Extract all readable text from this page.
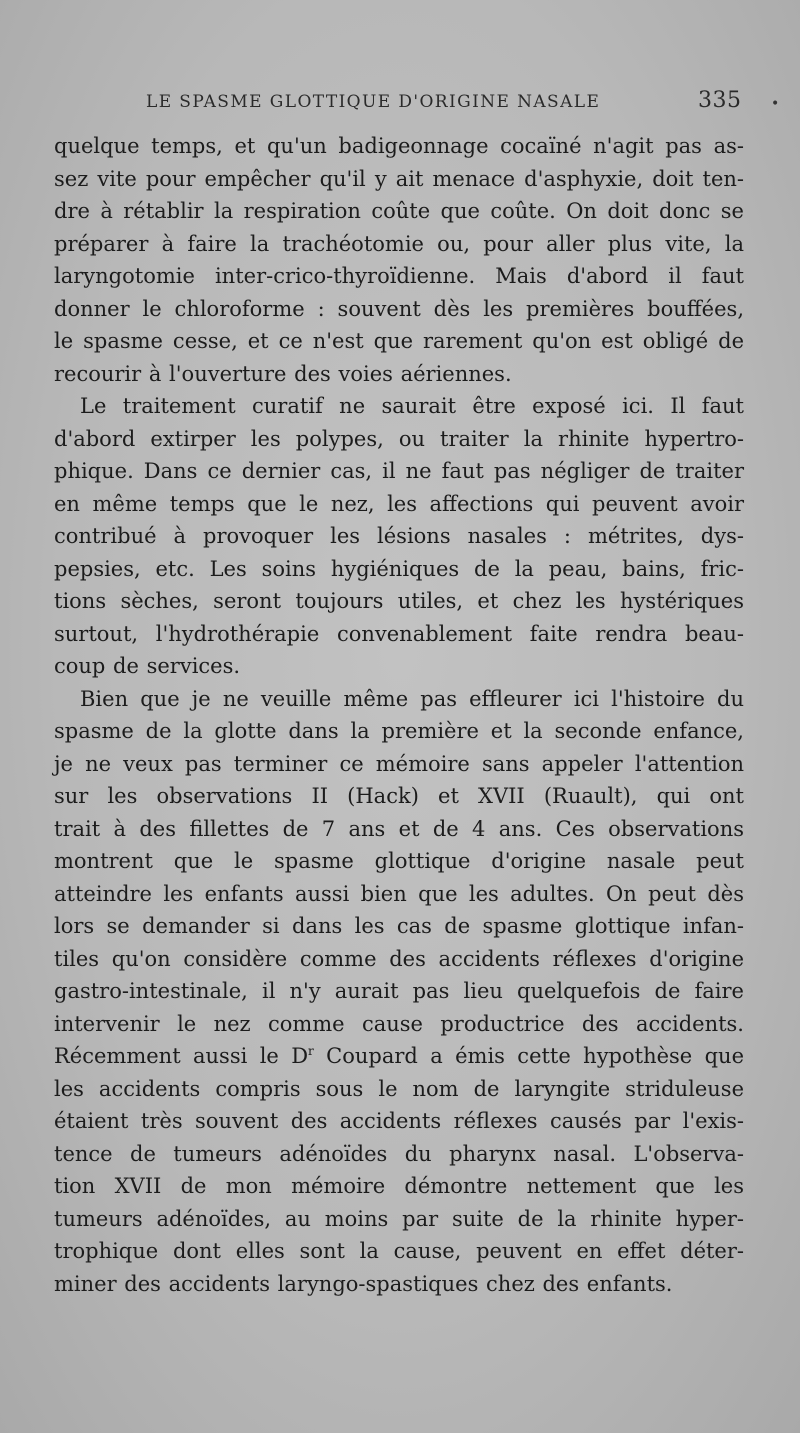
LE SPASME GLOTTIQUE D'ORIGINE NASALE	335 •
quelque temps, et qu'un badigeonnage cocaïné n'agit pas as-
sez vite pour empêcher qu'il y ait menace d'asphyxie, doit ten-
dre à rétablir la respiration coûte que coûte. On doit donc se
préparer à faire la trachéotomie ou, pour aller plus vite, la
laryngotomie inter-crico-thyroïdienne. Mais d'abord il faut
donner le chloroforme : souvent dès les premières bouffées,
le spasme cesse, et ce n'est que rarement qu'on est obligé de
recourir à l'ouverture des voies aériennes.
Le traitement curatif ne saurait être exposé ici. Il faut
d'abord extirper les polypes, ou traiter la rhinite hypertro-
phique. Dans ce dernier cas, il ne faut pas négliger de traiter
en même temps que le nez, les affections qui peuvent avoir
contribué à provoquer les lésions nasales : métrites, dys-
pepsies, etc. Les soins hygiéniques de la peau, bains, fric-
tions sèches, seront toujours utiles, et chez les hystériques
surtout, l'hydrothérapie convenablement faite rendra beau-
coup de services.
Bien que je ne veuille même pas effleurer ici l'histoire du
spasme de la glotte dans la première et la seconde enfance,
je ne veux pas terminer ce mémoire sans appeler l'attention
sur les observations II (Hack) et XVII (Ruault), qui ont
trait à des fillettes de 7 ans et de 4 ans. Ces observations
montrent que le spasme glottique d'origine nasale peut
atteindre les enfants aussi bien que les adultes. On peut dès
lors se demander si dans les cas de spasme glottique infan-
tiles qu'on considère comme des accidents réflexes d'origine
gastro-intestinale, il n'y aurait pas lieu quelquefois de faire
intervenir le nez comme cause productrice des accidents.
Récemment aussi le $D^r$ Coupard a émis cette hypothèse que
les accidents compris sous le nom de laryngite striduleuse
étaient très souvent des accidents réflexes causés par l'exis-
tence de tumeurs adénoïdes du pharynx nasal. L'observa-
tion XVII de mon mémoire démontre nettement que les
tumeurs adénoïdes, au moins par suite de la rhinite hyper-
trophique dont elles sont la cause, peuvent en effet déter-
miner des accidents laryngo-spastiques chez des enfants.
